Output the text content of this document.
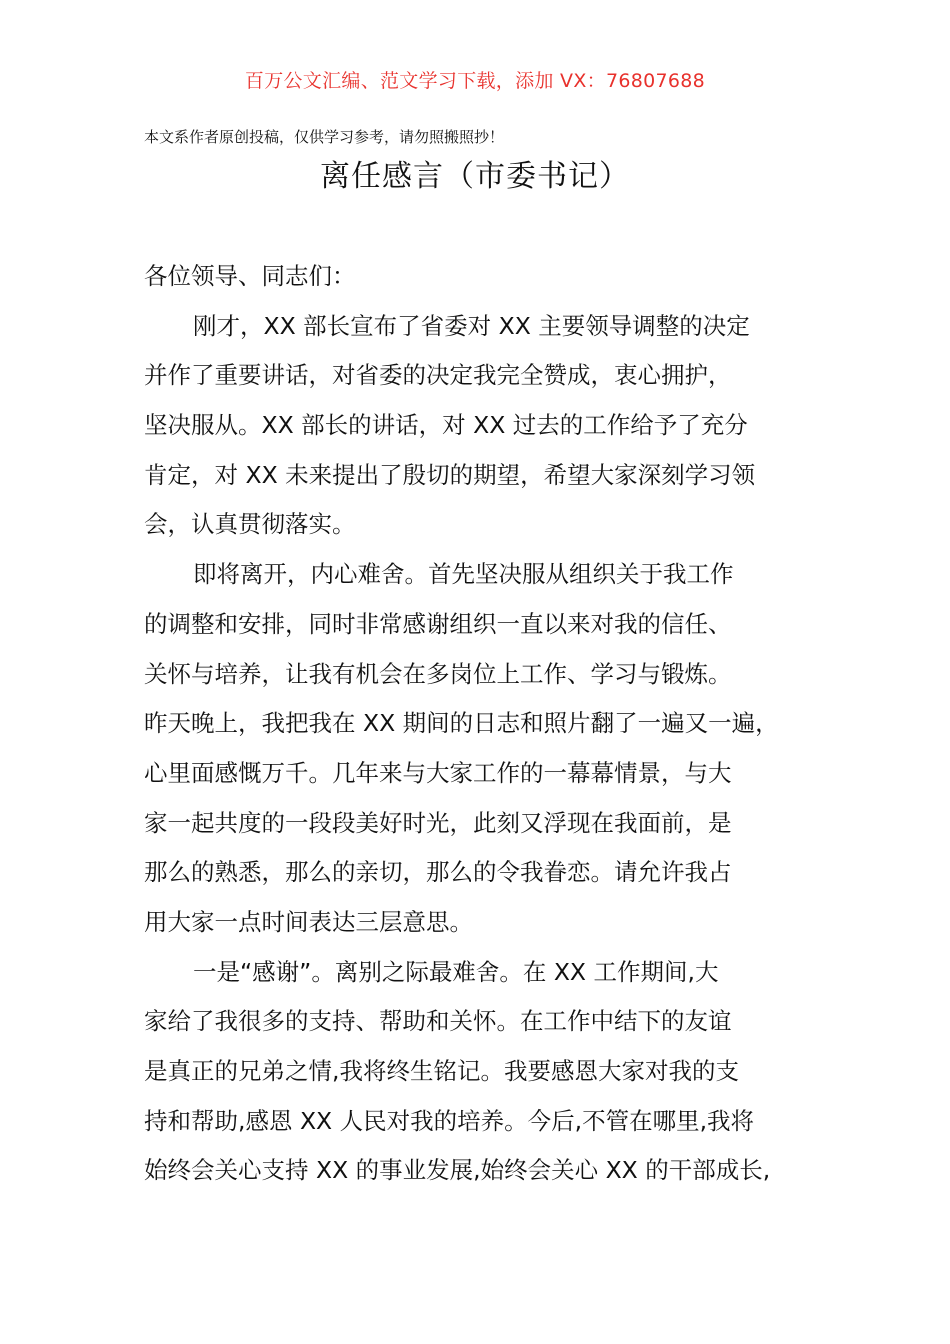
百万公文汇编、范文学习下载，添加 VX：76807688
本文系作者原创投稿，仅供学习参考，请勿照搬照抄！
离任感言（市委书记）

各位领导、同志们：

刚才，XX 部长宣布了省委对 XX 主要领导调整的决定
并作了重要讲话，对省委的决定我完全赞成，衷心拥护，
坚决服从。XX 部长的讲话，对 XX 过去的工作给予了充分
肯定，对 XX 未来提出了殷切的期望，希望大家深刻学习领
会，认真贯彻落实。

即将离开，内心难舍。首先坚决服从组织关于我工作
的调整和安排，同时非常感谢组织一直以来对我的信任、
关怀与培养，让我有机会在多岗位上工作、学习与锻炼。
昨天晚上，我把我在 XX 期间的日志和照片翻了一遍又一遍，
心里面感慨万千。几年来与大家工作的一幕幕情景，与大
家一起共度的一段段美好时光，此刻又浮现在我面前，是
那么的熟悉，那么的亲切，那么的令我眷恋。请允许我占
用大家一点时间表达三层意思。

一是“感谢”。离别之际最难舍。在 XX 工作期间,大
家给了我很多的支持、帮助和关怀。在工作中结下的友谊
是真正的兄弟之情,我将终生铭记。我要感恩大家对我的支
持和帮助,感恩 XX 人民对我的培养。今后,不管在哪里,我将
始终会关心支持 XX 的事业发展,始终会关心 XX 的干部成长,
